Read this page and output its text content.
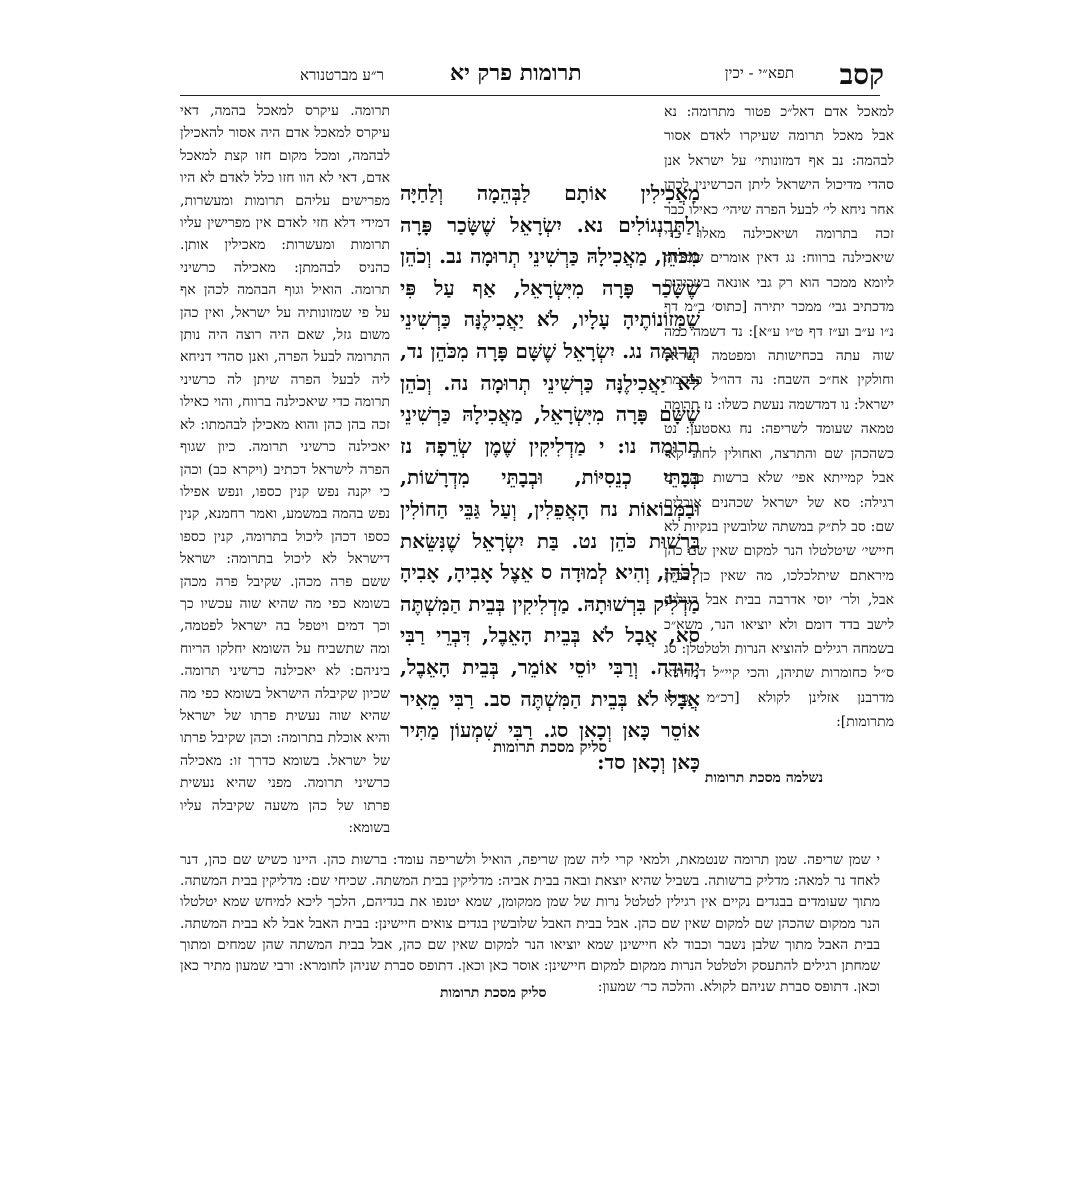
קסב
תפא״י - יכין
תרומות פרק יא
ר״ע מברטנורא
למאכל אדם דאל״כ פטור מתרומה: נא אבל מאכל תרומה שעיקרו לאדם אסור לבהמה: נב אף דמזונותי׳ על ישראל אנן סהדי מדיכול הישראל ליתן הכרשינין לכהן אחר ניחא לי׳ לבעל הפרה שיהי׳ כאילו כבר זכה בתרומה ושיאכילנה מאלו כדי שיאכילנה ברווח: נג דאין אומרים שכירות ליומא ממכר הוא רק גבי אונאה בשכירות מדכתיב גבי׳ ממכר יתירה [כתוס׳ ב״מ דף נ״ו ע״ב וע״ז דף ט״ו ע״א]: נד דשמה כמה שוה עתה בכחישותה ומפטמה ישראל וחולקין אח״כ השבח: נה דהו״ל כבהמת ישראל: נו דמדשמה נעשת כשלו: נז תרומה טמאה שעומד לשריפה: נח גאסטען: נט כשהכהן שם והתרצה, ואחולין לחוד קאי אבל קמייתא אפי׳ שלא ברשות כהן: ס רגילה: סא של ישראל שכהנים אוכלים שם: סב לת״ק במשתה שלובשין בנקיות לא חיישי׳ שיטלטלו הנר למקום שאין שם כהן מיראתם שיתלכלכו, מה שאין כן בבית אבל, ולר׳ יוסי אדרבה בבית אבל רגילים לישב בדד דומם ולא יוציאו הנר, משא״כ בשמחה רגילים להוציא הנרות ולטלטלן: סג ס״ל כחומרות שתיהן, והכי קיי״ל דמדהוא מדרבנן אזלינן לקולא [רכ״מ פי״א מתרומות]:
נשלמה מסכת תרומות
מַאֲכִילִין אוֹתָם לַבְּהֵמָה וְלַחַיָּה וְלַתַּרְנְגוֹלִים נא. יִשְׂרָאֵל שֶׁשָּׂכַר פָּרָה מִכֹּהֵן, מַאֲכִילָהּ כַּרְשִׁינֵי תְרוּמָה נב. וְכֹהֵן שֶׁשָּׂכַר פָּרָה מִיִּשְׂרָאֵל, אַף עַל פִּי שֶׁמְּזוֹנוֹתֶיהָ עָלָיו, לֹא יַאֲכִילֶנָּה כַּרְשִׁינֵי תְרוּמָה נג. יִשְׂרָאֵל שֶׁשָּׁם פָּרָה מִכֹּהֵן נד, לֹא יַאֲכִילֶנָּה כַּרְשִׁינֵי תְרוּמָה נה. וְכֹהֵן שֶׁשָּׁם פָּרָה מִיִּשְׂרָאֵל, מַאֲכִילָהּ כַּרְשִׁינֵי תְרוּמָה נו: י מַדְלִיקִין שֶׁמֶן שְׂרֵפָה נז בְּבָתֵּי כְנֵסִיּוֹת, וּבְבָתֵּי מִדְרָשׁוֹת, וּבַמְּבוֹאוֹת נח הָאֲפֵלִין, וְעַל גַּבֵּי הַחוֹלִין בִּרְשׁוּת כֹּהֵן נט. בַּת יִשְׂרָאֵל שֶׁנִּשֵּׂאת לְכֹהֵן, וְהִיא לְמוּדָה ס אֵצֶל אָבִיהָ, אָבִיהָ מַדְלִיק בִּרְשׁוּתָהּ. מַדְלִיקִין בְּבֵית הַמִּשְׁתֶּה סא, אֲבָל לֹא בְּבֵית הָאֵבֶל, דִּבְרֵי רַבִּי יְהוּדָה. וְרַבִּי יוֹסֵי אוֹמֵר, בְּבֵית הָאֵבֶל, אֲבָל לֹא בְּבֵית הַמִּשְׁתֶּה סב. רַבִּי מֵאִיר אוֹסֵר כָּאן וְכָאן סג. רַבִּי שִׁמְעוֹן מַתִּיר כָּאן וְכָאן סד:
סליק מסכת תרומות
תרומה. עיקרס למאכל בהמה, דאי עיקרס למאכל אדם היה אסור להאכילן לבהמה, ומכל מקום חזו קצת למאכל אדם, דאי לא הוו חזו כלל לאדם לא היו מפרישים עליהם תרומות ומעשרות, דמידי דלא חזי לאדם אין מפרישין עליו תרומות ומעשרות: מאכילין אותן. כהניס לבהמתן: מאכילה כרשיני תרומה. הואיל וגוף הבהמה לכהן אף על פי שמזונותיה על ישראל, ואין כהן משום גזל, שאם היה רוצה היה נותן התרומה לבעל הפרה, ואנן סהדי דניחא ליה לבעל הפרה שיתן לה כרשיני תרומה כדי שיאכילנה ברווח, והוי כאילו זכה בהן כהן והוא מאכילן לבהמתו: לא יאכילנה כרשיני תרומה. כיון שגוף הפרה לישראל דכתיב (ויקרא כב) וכהן כי יקנה נפש קנין כספו, ונפש אפילו נפש בהמה במשמע, ואמר רחמנא, קנין כספו דכהן ליכול בתרומה, קנין כספו דישראל לא ליכול בתרומה: ישראל ששם פרה מכהן. שקיבל פרה מכהן בשומא כפי מה שהיא שוה עכשיו כך וכך דמים ויטפל בה ישראל לפטמה, ומה שתשביח על השומא יחלקו הריוח ביניהם: לא יאכילנה כרשיני תרומה. שכיון שקיבלה הישראל בשומא כפי מה שהיא שוה נעשית פרתו של ישראל והיא אוכלת בתרומה: וכהן שקיבל פרתו של ישראל. בשומא כדרך זו: מאכילה כרשיני תרומה. מפני שהיא נעשית פרתו של כהן משעה שקיבלה עליו בשומא:
י שמן שריפה. שמן תרומה שנטמאת, ולמאי קרי ליה שמן שריפה, הואיל ולשריפה עומד: ברשות כהן. היינו כשיש שם כהן, דנר לאחד נר למאה: מדליק ברשותה. בשביל שהיא יוצאת ובאה בבית אביה: מדליקין בבית המשתה. שכיחי שם: מדליקין בבית המשתה. מתוך שעומדים בבגדים נקיים אין רגילין לטלטל נרות של שמן ממקומן, שמא יטנפו את בגדיהם, הלכך ליכא למיחש שמא יטלטלו הנר ממקום שהכהן שם למקום שאין שם כהן. אבל בבית האבל שלובשין בגדים צואים חיישינן: בבית האבל אבל לא בבית המשתה. בבית האבל מתוך שלבן נשבר וכבוד לא חיישינן שמא יוציאו הנר למקום שאין שם כהן, אבל בבית המשתה שהן שמחים ומתוך שמחתן רגילים להתעסק ולטלטל הנרות ממקום למקום חיישינן: אוסר כאן וכאן. דתופס סברת שניהן לחומרא: ורבי שמעון מתיר כאן וכאן. דתופס סברת שניהם לקולא. והלכה כר׳ שמעון:
סליק מסכת תרומות
